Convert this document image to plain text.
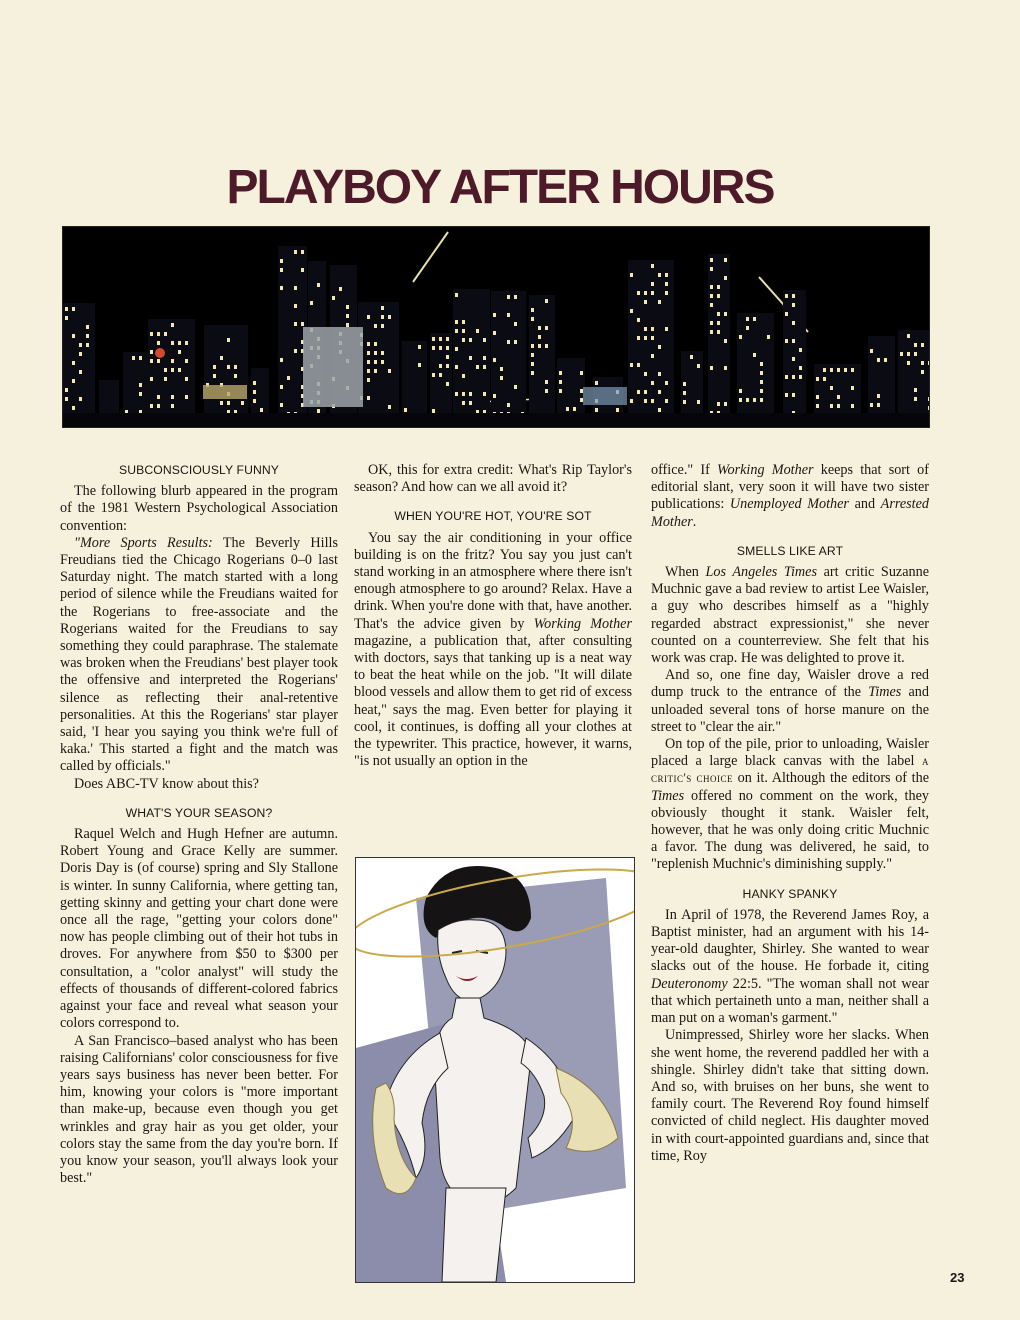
PLAYBOY AFTER HOURS
SUBCONSCIOUSLY FUNNY

The following blurb appeared in the program of the 1981 Western Psychological Association convention:

"More Sports Results: The Beverly Hills Freudians tied the Chicago Rogerians 0–0 last Saturday night. The match started with a long period of silence while the Freudians waited for the Rogerians to free-associate and the Rogerians waited for the Freudians to say something they could paraphrase. The stalemate was broken when the Freudians' best player took the offensive and interpreted the Rogerians' silence as reflecting their anal-retentive personalities. At this the Rogerians' star player said, 'I hear you saying you think we're full of kaka.' This started a fight and the match was called by officials."

Does ABC-TV know about this?

WHAT'S YOUR SEASON?

Raquel Welch and Hugh Hefner are autumn. Robert Young and Grace Kelly are summer. Doris Day is (of course) spring and Sly Stallone is winter. In sunny California, where getting tan, getting skinny and getting your chart done were once all the rage, "getting your colors done" now has people climbing out of their hot tubs in droves. For anywhere from $50 to $300 per consultation, a "color analyst" will study the effects of thousands of different-colored fabrics against your face and reveal what season your colors correspond to.

A San Francisco–based analyst who has been raising Californians' color consciousness for five years says business has never been better. For him, knowing your colors is "more important than make-up, because even though you get wrinkles and gray hair as you get older, your colors stay the same from the day you're born. If you know your season, you'll always look your best."

OK, this for extra credit: What's Rip Taylor's season? And how can we all avoid it?

WHEN YOU'RE HOT, YOU'RE SOT

You say the air conditioning in your office building is on the fritz? You say you just can't stand working in an atmosphere where there isn't enough atmosphere to go around? Relax. Have a drink. When you're done with that, have another. That's the advice given by Working Mother magazine, a publication that, after consulting with doctors, says that tanking up is a neat way to beat the heat while on the job. "It will dilate blood vessels and allow them to get rid of excess heat," says the mag. Even better for playing it cool, it continues, is doffing all your clothes at the typewriter. This practice, however, it warns, "is not usually an option in the

office." If Working Mother keeps that sort of editorial slant, very soon it will have two sister publications: Unemployed Mother and Arrested Mother.

SMELLS LIKE ART

When Los Angeles Times art critic Suzanne Muchnic gave a bad review to artist Lee Waisler, a guy who describes himself as a "highly regarded abstract expressionist," she never counted on a counterreview. She felt that his work was crap. He was delighted to prove it.

And so, one fine day, Waisler drove a red dump truck to the entrance of the Times and unloaded several tons of horse manure on the street to "clear the air."

On top of the pile, prior to unloading, Waisler placed a large black canvas with the label a critic's choice on it. Although the editors of the Times offered no comment on the work, they obviously thought it stank. Waisler felt, however, that he was only doing critic Muchnic a favor. The dung was delivered, he said, to "replenish Muchnic's diminishing supply."

HANKY SPANKY

In April of 1978, the Reverend James Roy, a Baptist minister, had an argument with his 14-year-old daughter, Shirley. She wanted to wear slacks out of the house. He forbade it, citing Deuteronomy 22:5. "The woman shall not wear that which pertaineth unto a man, neither shall a man put on a woman's garment."

Unimpressed, Shirley wore her slacks. When she went home, the reverend paddled her with a shingle. Shirley didn't take that sitting down. And so, with bruises on her buns, she went to family court. The Reverend Roy found himself convicted of child neglect. His daughter moved in with court-appointed guardians and, since that time, Roy

23
